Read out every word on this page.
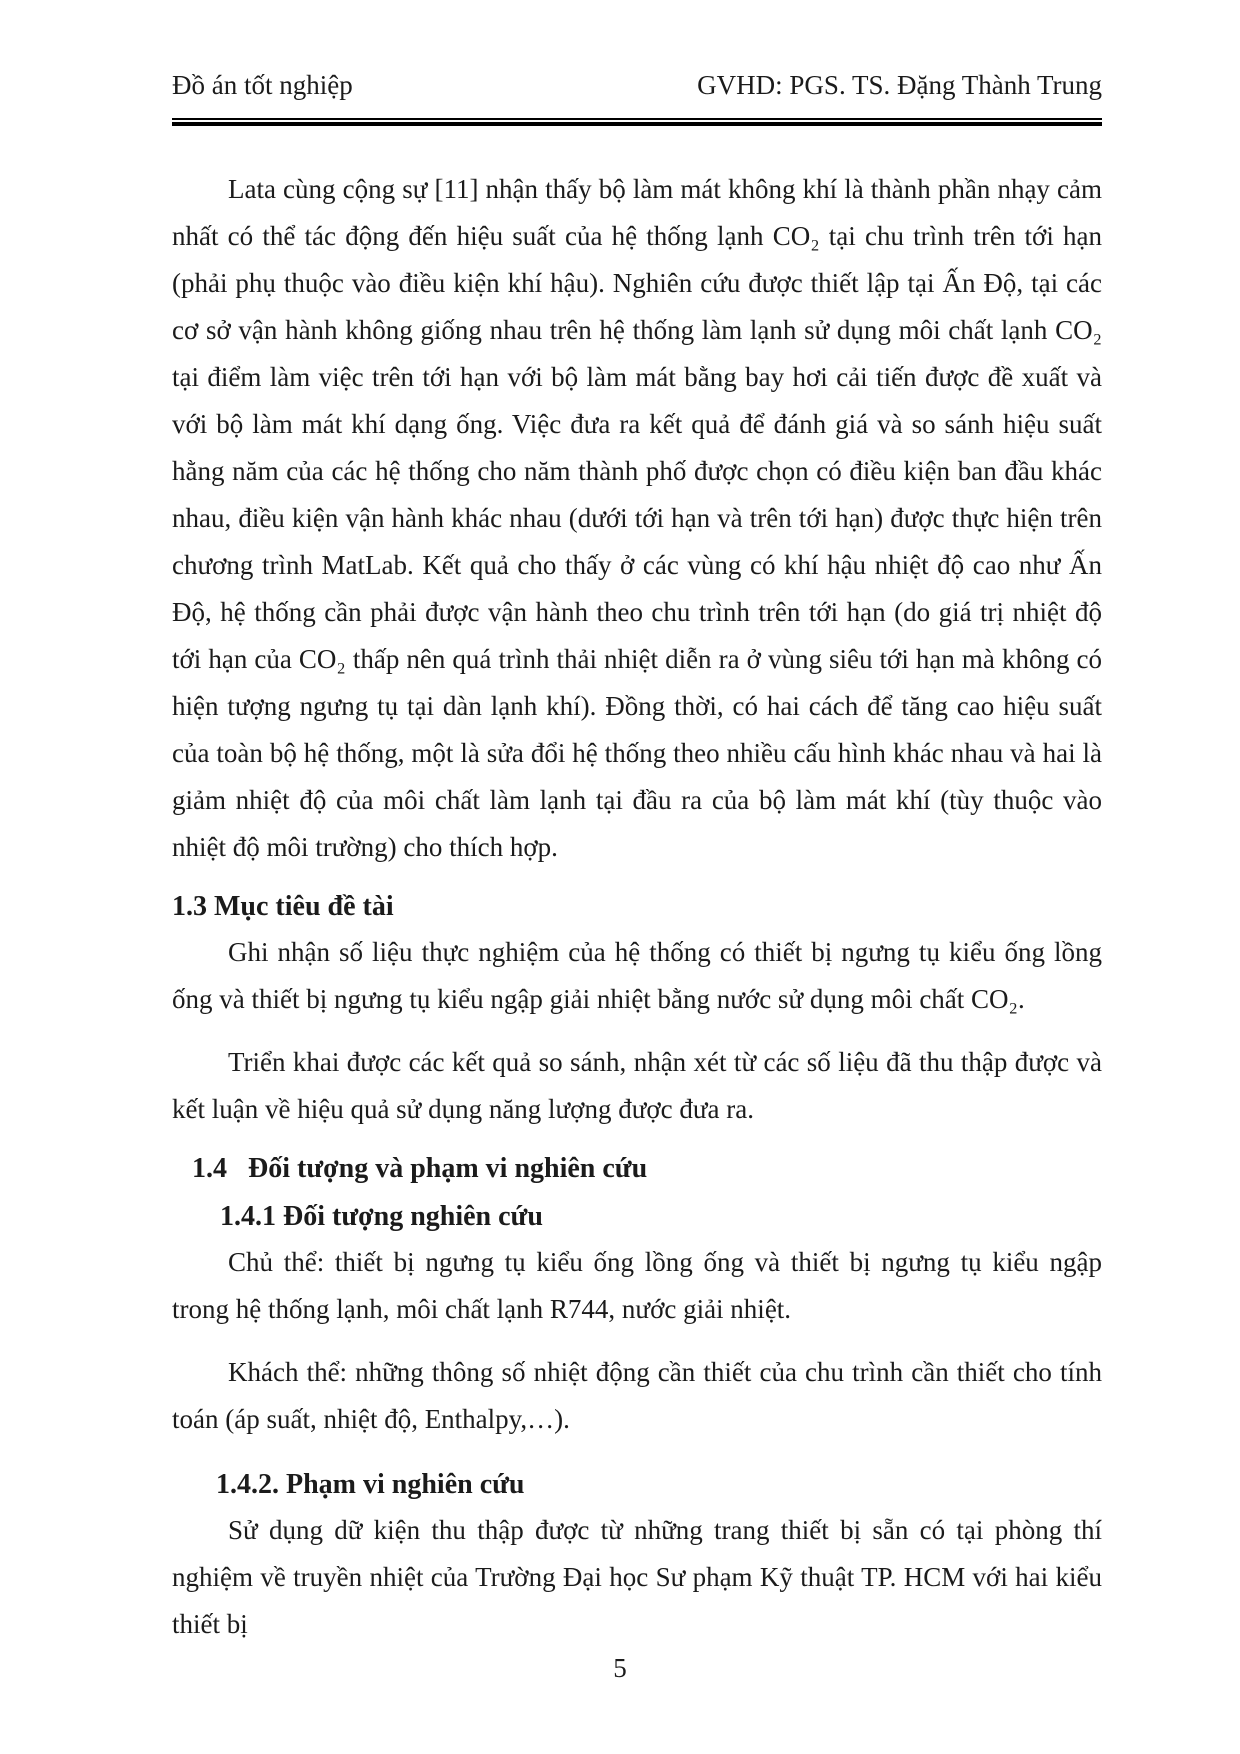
Đồ án tốt nghiệp	GVHD: PGS. TS. Đặng Thành Trung

Lata cùng cộng sự [11] nhận thấy bộ làm mát không khí là thành phần nhạy cảm nhất có thể tác động đến hiệu suất của hệ thống lạnh CO₂ tại chu trình trên tới hạn (phải phụ thuộc vào điều kiện khí hậu). Nghiên cứu được thiết lập tại Ấn Độ, tại các cơ sở vận hành không giống nhau trên hệ thống làm lạnh sử dụng môi chất lạnh CO₂ tại điểm làm việc trên tới hạn với bộ làm mát bằng bay hơi cải tiến được đề xuất và với bộ làm mát khí dạng ống. Việc đưa ra kết quả để đánh giá và so sánh hiệu suất hằng năm của các hệ thống cho năm thành phố được chọn có điều kiện ban đầu khác nhau, điều kiện vận hành khác nhau (dưới tới hạn và trên tới hạn) được thực hiện trên chương trình MatLab. Kết quả cho thấy ở các vùng có khí hậu nhiệt độ cao như Ấn Độ, hệ thống cần phải được vận hành theo chu trình trên tới hạn (do giá trị nhiệt độ tới hạn của CO₂ thấp nên quá trình thải nhiệt diễn ra ở vùng siêu tới hạn mà không có hiện tượng ngưng tụ tại dàn lạnh khí). Đồng thời, có hai cách để tăng cao hiệu suất của toàn bộ hệ thống, một là sửa đổi hệ thống theo nhiều cấu hình khác nhau và hai là giảm nhiệt độ của môi chất làm lạnh tại đầu ra của bộ làm mát khí (tùy thuộc vào nhiệt độ môi trường) cho thích hợp.

1.3 Mục tiêu đề tài

Ghi nhận số liệu thực nghiệm của hệ thống có thiết bị ngưng tụ kiểu ống lồng ống và thiết bị ngưng tụ kiểu ngập giải nhiệt bằng nước sử dụng môi chất CO₂.

Triển khai được các kết quả so sánh, nhận xét từ các số liệu đã thu thập được và kết luận về hiệu quả sử dụng năng lượng được đưa ra.

1.4   Đối tượng và phạm vi nghiên cứu
1.4.1 Đối tượng nghiên cứu

Chủ thể: thiết bị ngưng tụ kiểu ống lồng ống và thiết bị ngưng tụ kiểu ngập trong hệ thống lạnh, môi chất lạnh R744, nước giải nhiệt.

Khách thể: những thông số nhiệt động cần thiết của chu trình cần thiết cho tính toán (áp suất, nhiệt độ, Enthalpy,…).

1.4.2. Phạm vi nghiên cứu

Sử dụng dữ kiện thu thập được từ những trang thiết bị sẵn có tại phòng thí nghiệm về truyền nhiệt của Trường Đại học Sư phạm Kỹ thuật TP. HCM với hai kiểu thiết bị

5
